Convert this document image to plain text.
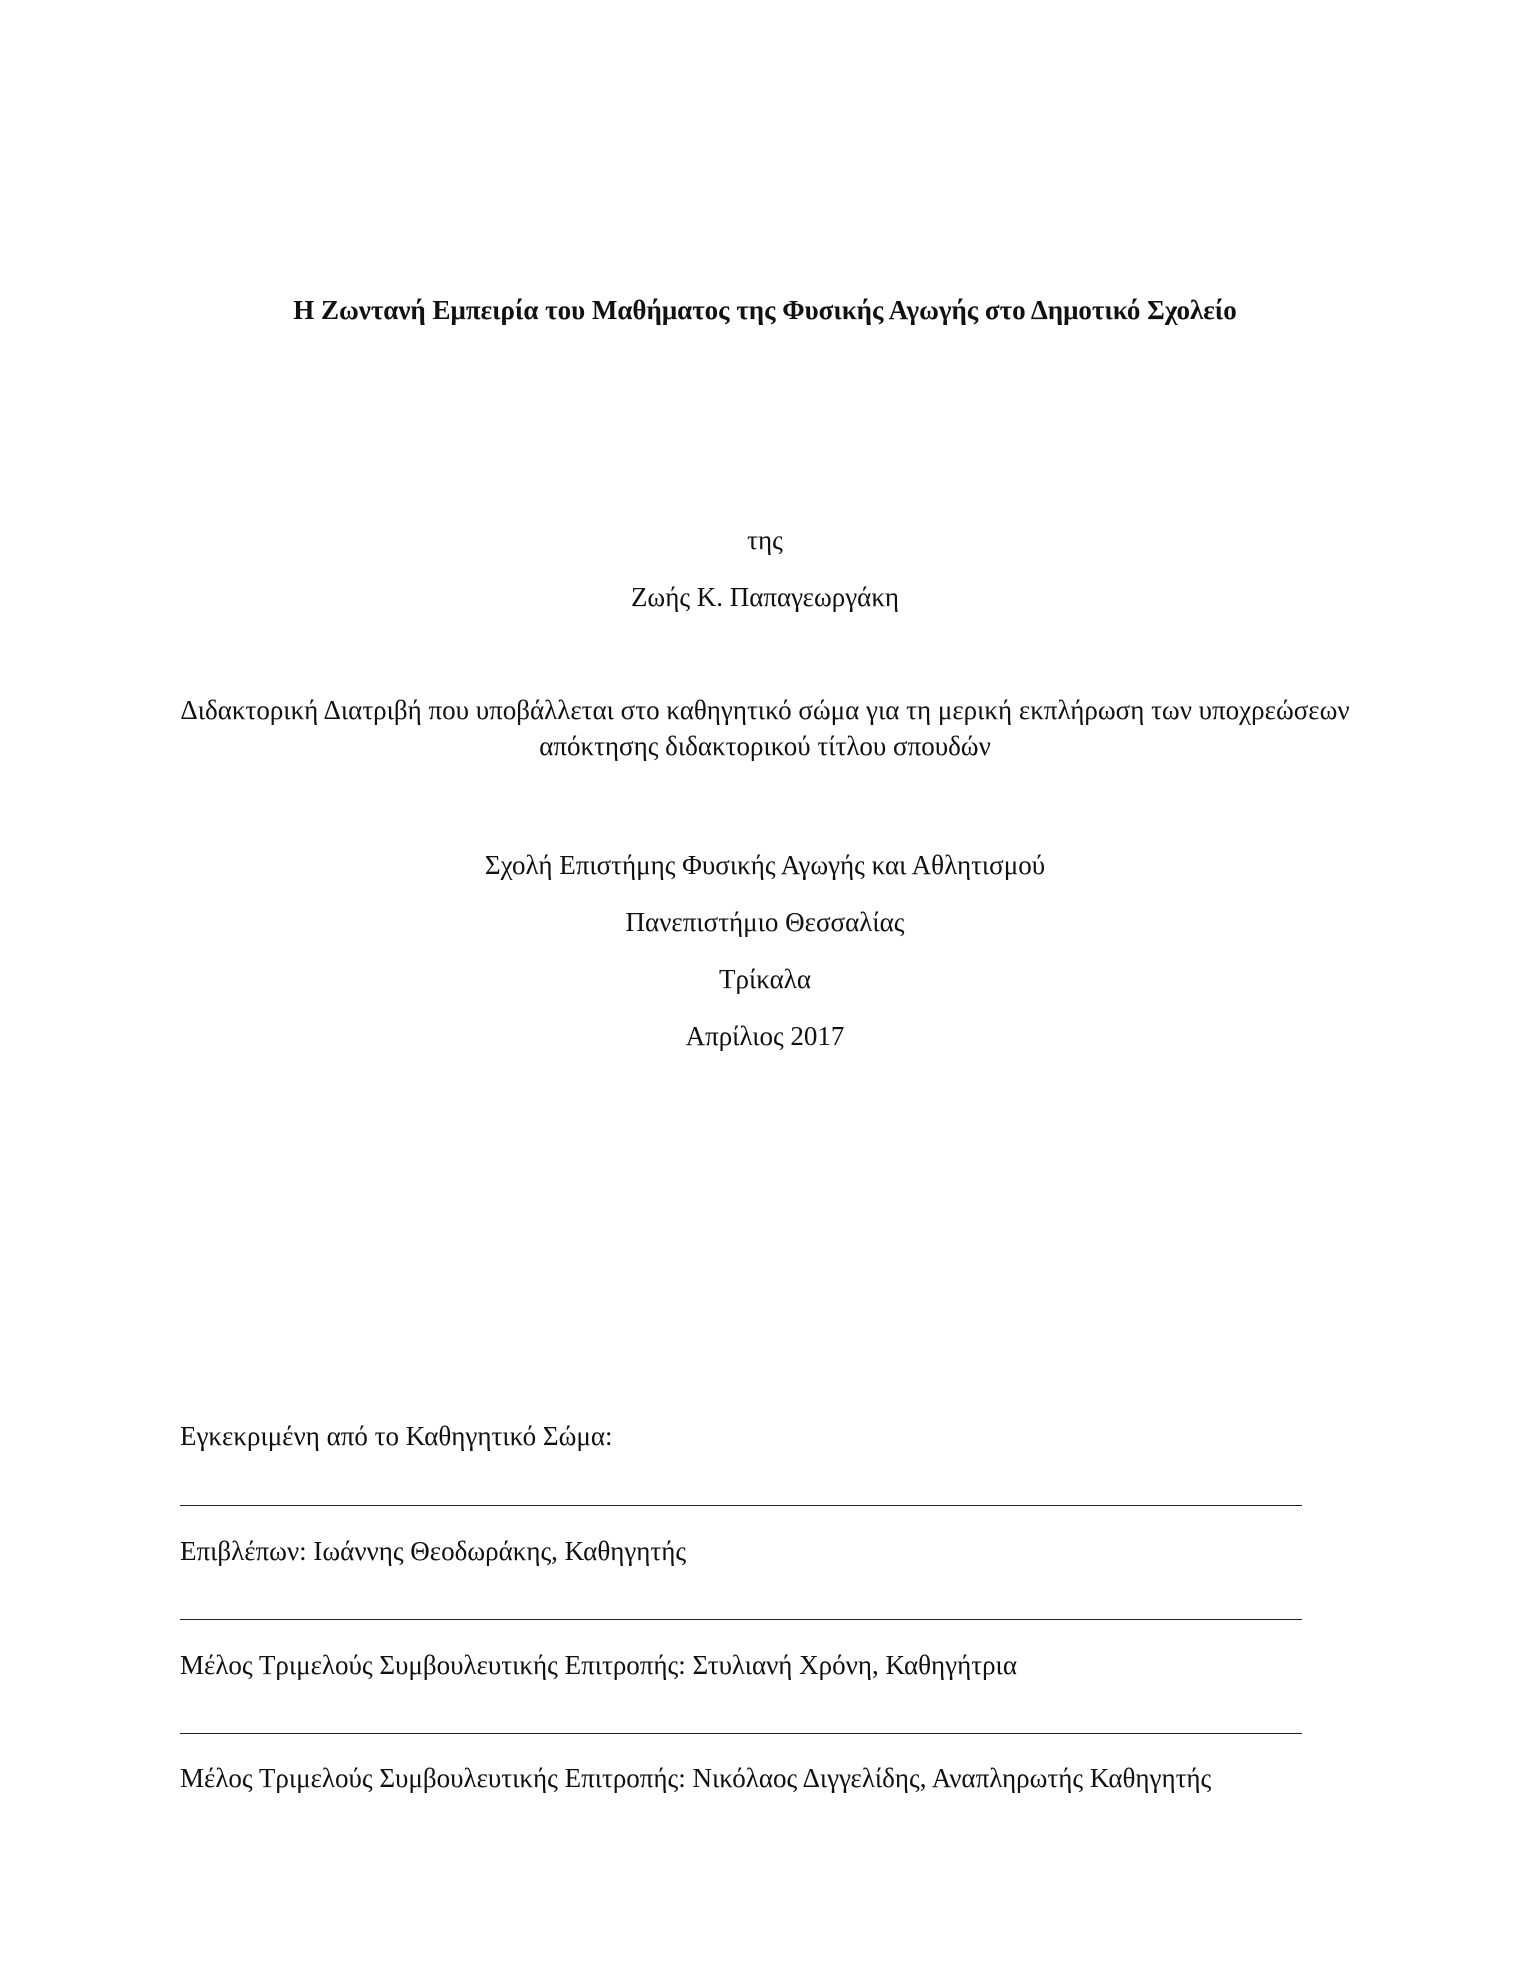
Η Ζωντανή Εμπειρία του Μαθήματος της Φυσικής Αγωγής στο Δημοτικό Σχολείο
της
Ζωής Κ. Παπαγεωργάκη
Διδακτορική Διατριβή που υποβάλλεται στο καθηγητικό σώμα για τη μερική εκπλήρωση των υποχρεώσεων απόκτησης διδακτορικού τίτλου σπουδών
Σχολή Επιστήμης Φυσικής Αγωγής και Αθλητισμού
Πανεπιστήμιο Θεσσαλίας
Τρίκαλα
Απρίλιος 2017
Εγκεκριμένη από το Καθηγητικό Σώμα:
Επιβλέπων: Ιωάννης Θεοδωράκης, Καθηγητής
Μέλος Τριμελούς Συμβουλευτικής Επιτροπής: Στυλιανή Χρόνη, Καθηγήτρια
Μέλος Τριμελούς Συμβουλευτικής Επιτροπής: Νικόλαος Διγγελίδης, Αναπληρωτής Καθηγητής
